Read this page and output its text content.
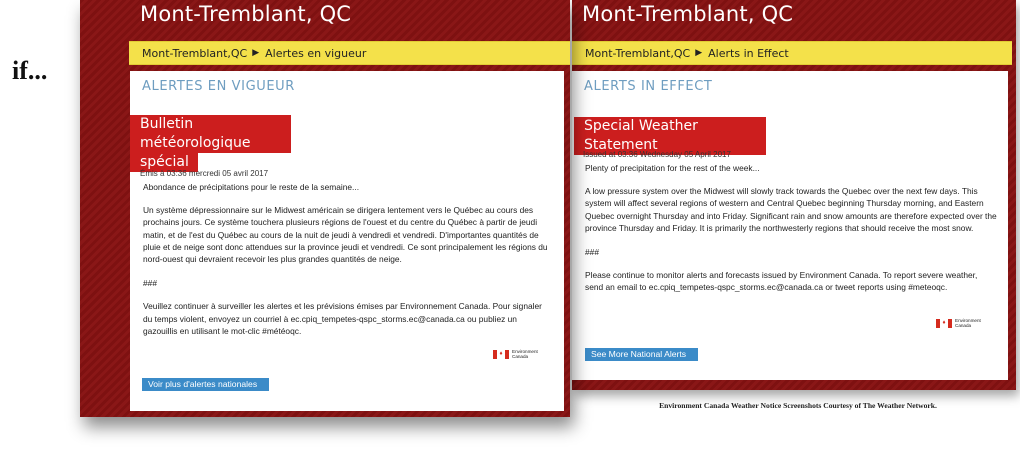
if...
Mont-Tremblant, QC
Mont-Tremblant,QC ▶ Alertes en vigueur
ALERTES EN VIGUEUR
Bulletin météorologique
spécial
Émis à 03:36 mercredi 05 avril 2017

Abondance de précipitations pour le reste de la semaine...

Un système dépressionnaire sur le Midwest américain se dirigera lentement vers le Québec au cours des prochains jours. Ce système touchera plusieurs régions de l'ouest et du centre du Québec à partir de jeudi matin, et de l'est du Québec au cours de la nuit de jeudi à vendredi et vendredi. D'importantes quantités de pluie et de neige sont donc attendues sur la province jeudi et vendredi. Ce sont principalement les régions du nord-ouest qui devraient recevoir les plus grandes quantités de neige.

###

Veuillez continuer à surveiller les alertes et les prévisions émises par Environnement Canada. Pour signaler du temps violent, envoyez un courriel à ec.cpiq_tempetes-qspc_storms.ec@canada.ca ou publiez un gazouillis en utilisant le mot-clic #météoqc.

♦	Environment
Canada
Voir plus d'alertes nationales
Mont-Tremblant, QC
Mont-Tremblant,QC ▶ Alerts in Effect
ALERTS IN EFFECT
Special Weather Statement
Issued at 03:36 Wednesday 05 April 2017

Plenty of precipitation for the rest of the week...

A low pressure system over the Midwest will slowly track towards the Quebec over the next few days. This system will affect several regions of western and Central Quebec beginning Thursday morning, and Eastern Quebec overnight Thursday and into Friday. Significant rain and snow amounts are therefore expected over the province Thursday and Friday. It is primarily the northwesterly regions that should receive the most snow.

###

Please continue to monitor alerts and forecasts issued by Environment Canada. To report severe weather, send an email to ec.cpiq_tempetes-qspc_storms.ec@canada.ca or tweet reports using #meteoqc.

♦	Environment
Canada
See More National Alerts
Environment Canada Weather Notice Screenshots Courtesy of The Weather Network.
